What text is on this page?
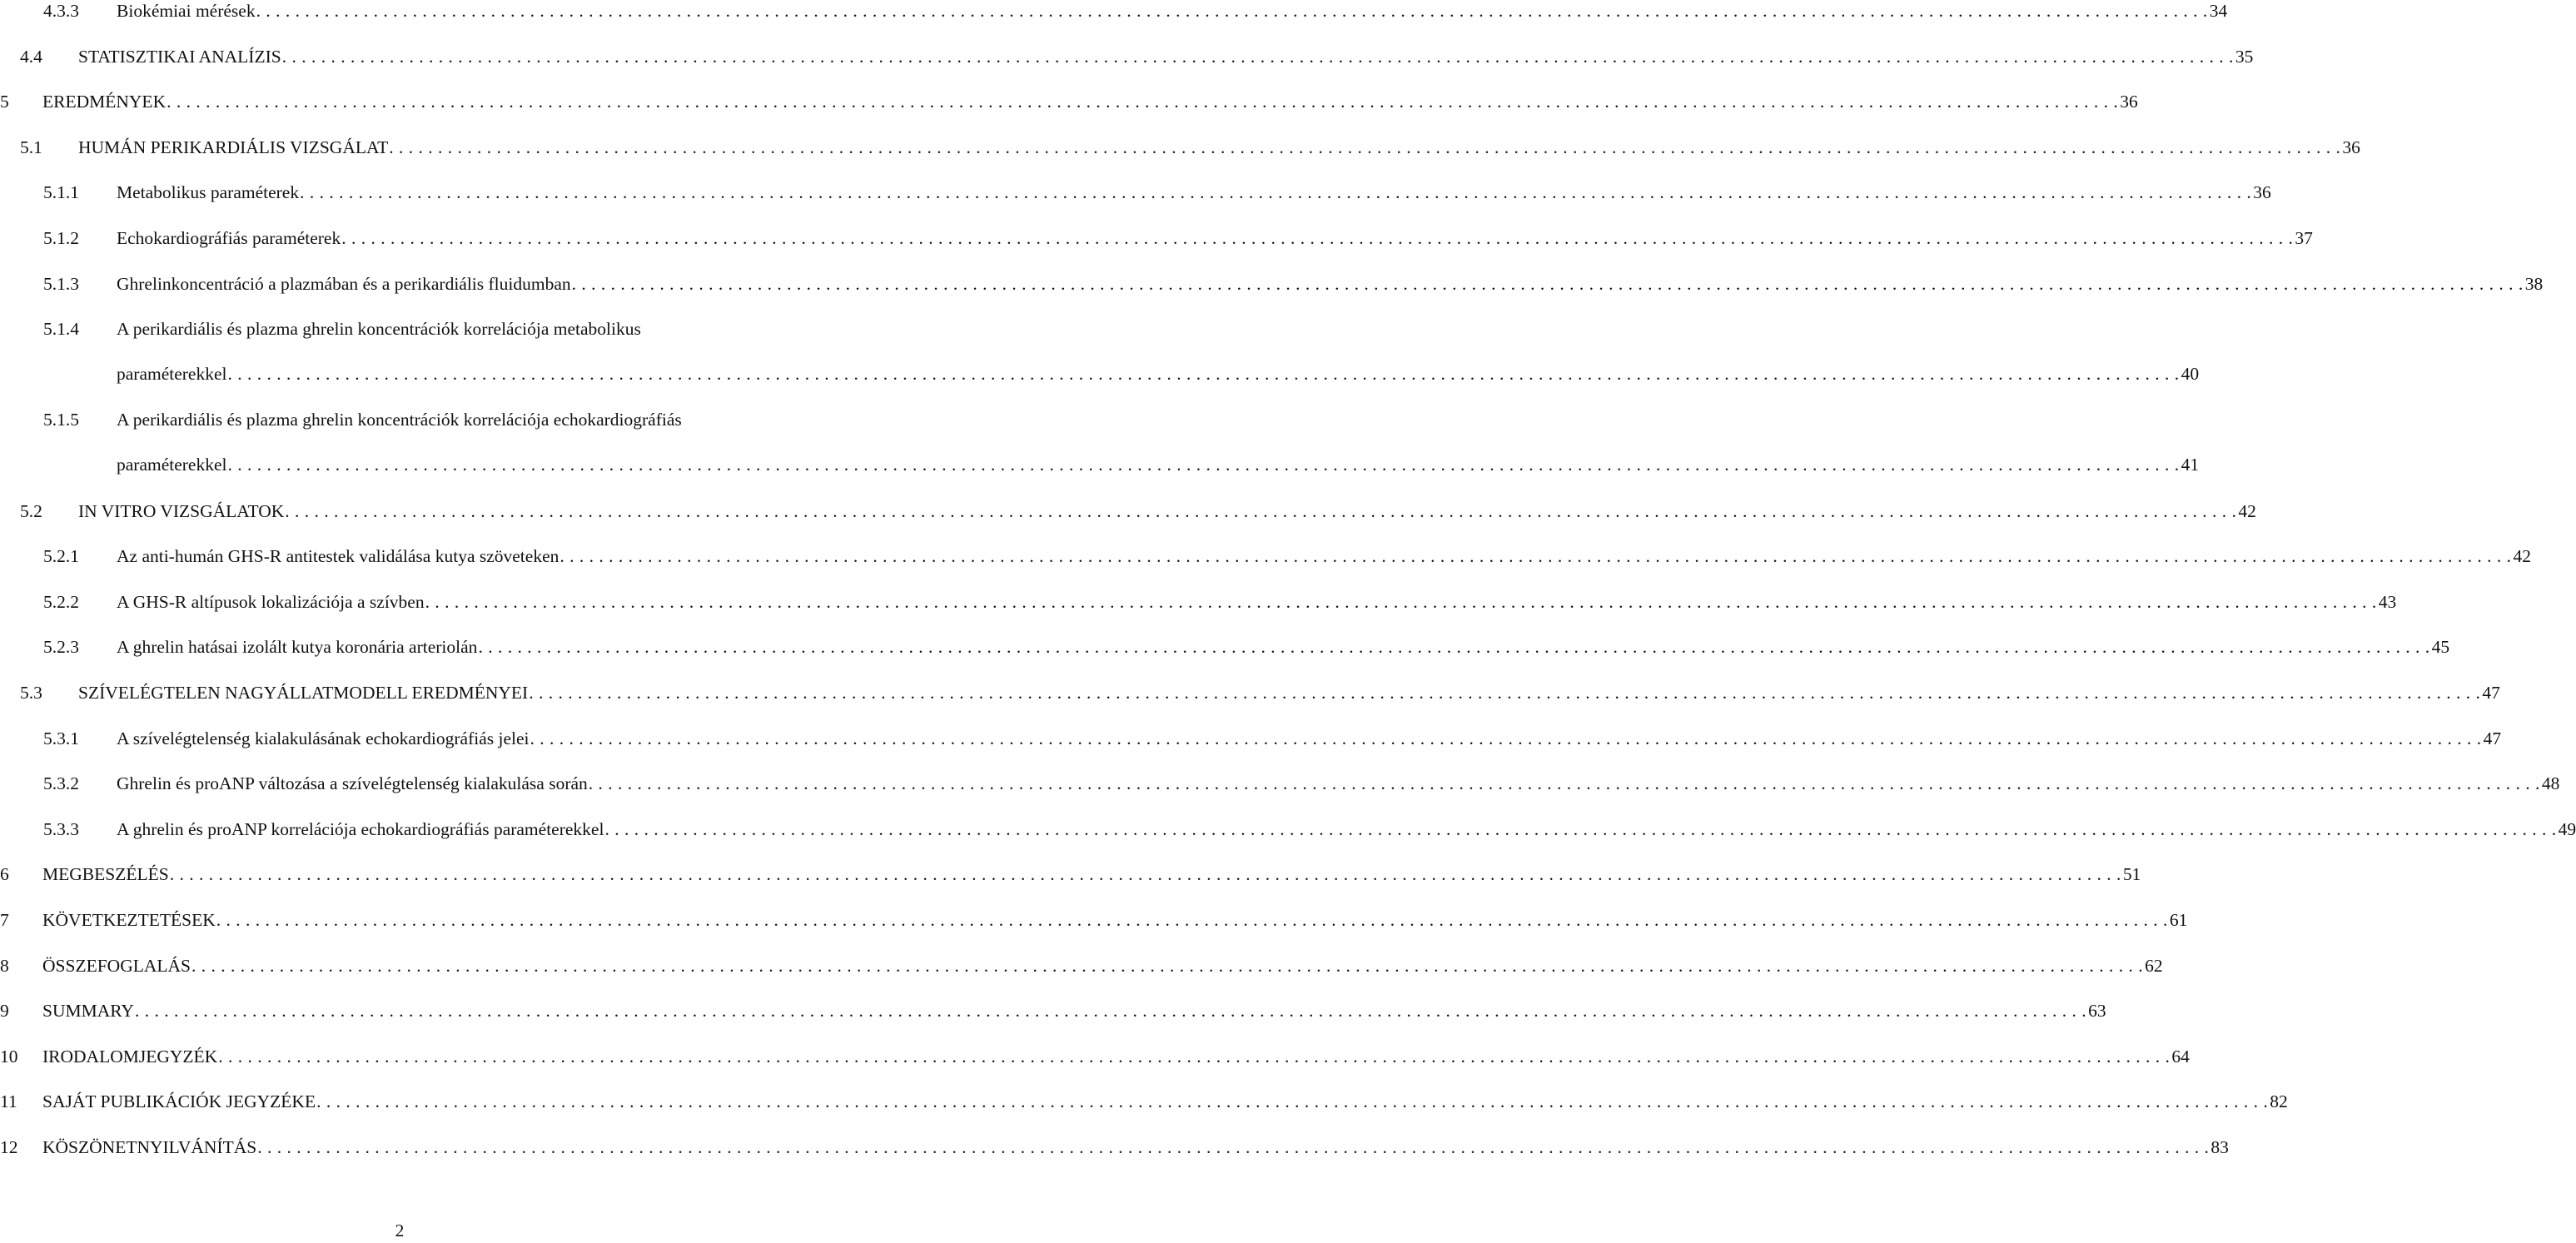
4.3.3 Biokémiai mérések . . . . . . . . . . . . . . . . . . . . . . . . . . . . . . . . . . . . . . . . . . . . . . . . . . . . . . . . . . . . . . . . . . . . . . . . . . . . . . . . . . . . . . . . . . . . . . . . . . . . . . . . . . . . . . . . . . . . . . . . . . . . . . . . . . . . . . . . . . . . . . . . . . . . . . . . . . . . . . . . . . . . . . . . . . . . . . . . . . . . . . . . . . . . . . . . . . . . . . . . 34
4.4 STATISZTIKAI ANALÍZIS . . . . . . . . . . . . . . . . . . . . . . . . . . . . . . . . . . . . . . . . . . . . . . . . . . . . . . . . . . . . . . . . . . . . . . . . . . . . . . . . . . . . . . . . . . . . . . . . . . . . . . . . . . . . . . . . . . . . . . . . . . . . . . . . . . . . . . . . . . . . . . . . . . . . . . . . . . . . . . . . . . . . . . . . . . . . . . . . . . . . . . . . . . . . . . . . . . . . . . . . 35
5 EREDMÉNYEK . . . . . . . . . . . . . . . . . . . . . . . . . . . . . . . . . . . . . . . . . . . . . . . . . . . . . . . . . . . . . . . . . . . . . . . . . . . . . . . . . . . . . . . . . . . . . . . . . . . . . . . . . . . . . . . . . . . . . . . . . . . . . . . . . . . . . . . . . . . . . . . . . . . . . . . . . . . . . . . . . . . . . . . . . . . . . . . . . . . . . . . . . . . . . . . . . . . . . . . . 36
5.1 HUMÁN PERIKARDIÁLIS VIZSGÁLAT . . . . . . . . . . . . . . . . . . . . . . . . . . . . . . . . . . . . . . . . . . . . . . . . . . . . . . . . . . . . . . . . . . . . . . . . . . . . . . . . . . . . . . . . . . . . . . . . . . . . . . . . . . . . . . . . . . . . . . . . . . . . . . . . . . . . . . . . . . . . . . . . . . . . . . . . . . . . . . . . . . . . . . . . . . . . . . . . . . . . . . . . . . . . . . . . . . . . . . . . 36
5.1.1 Metabolikus paraméterek . . . . . . . . . . . . . . . . . . . . . . . . . . . . . . . . . . . . . . . . . . . . . . . . . . . . . . . . . . . . . . . . . . . . . . . . . . . . . . . . . . . . . . . . . . . . . . . . . . . . . . . . . . . . . . . . . . . . . . . . . . . . . . . . . . . . . . . . . . . . . . . . . . . . . . . . . . . . . . . . . . . . . . . . . . . . . . . . . . . . . . . . . . . . . . . . . . . . . . . . 36
5.1.2 Echokardiográfiás paraméterek . . . . . . . . . . . . . . . . . . . . . . . . . . . . . . . . . . . . . . . . . . . . . . . . . . . . . . . . . . . . . . . . . . . . . . . . . . . . . . . . . . . . . . . . . . . . . . . . . . . . . . . . . . . . . . . . . . . . . . . . . . . . . . . . . . . . . . . . . . . . . . . . . . . . . . . . . . . . . . . . . . . . . . . . . . . . . . . . . . . . . . . . . . . . . . . . . . . . . . . . 37
5.1.3 Ghrelinkoncentráció a plazmában és a perikardiális fluidumban . . . . . . . . . . . . . . . . . . . . . . . . . . . . . . . . . . . . . . . . . . . . . . . . . . . . . . . . . . . . . . . . . . . . . . . . . . . . . . . . . . . . . . . . . . . . . . . . . . . . . . . . . . . . . . . . . . . . . . . . . . . . . . . . . . . . . . . . . . . . . . . . . . . . . . . . . . . . . . . . . . . . . . . . . . . . . . . . . . . . . . . . . . . . . . . . . . . . . . . . 38
5.1.4 A perikardiális és plazma ghrelin koncentrációk korrelációja metabolikus
paraméterekkel . . . . . . . . . . . . . . . . . . . . . . . . . . . . . . . . . . . . . . . . . . . . . . . . . . . . . . . . . . . . . . . . . . . . . . . . . . . . . . . . . . . . . . . . . . . . . . . . . . . . . . . . . . . . . . . . . . . . . . . . . . . . . . . . . . . . . . . . . . . . . . . . . . . . . . . . . . . . . . . . . . . . . . . . . . . . . . . . . . . . . . . . . . . . . . . . . . . . . . . . 40
5.1.5 A perikardiális és plazma ghrelin koncentrációk korrelációja echokardiográfiás
paraméterekkel . . . . . . . . . . . . . . . . . . . . . . . . . . . . . . . . . . . . . . . . . . . . . . . . . . . . . . . . . . . . . . . . . . . . . . . . . . . . . . . . . . . . . . . . . . . . . . . . . . . . . . . . . . . . . . . . . . . . . . . . . . . . . . . . . . . . . . . . . . . . . . . . . . . . . . . . . . . . . . . . . . . . . . . . . . . . . . . . . . . . . . . . . . . . . . . . . . . . . . . . 41
5.2 IN VITRO VIZSGÁLATOK . . . . . . . . . . . . . . . . . . . . . . . . . . . . . . . . . . . . . . . . . . . . . . . . . . . . . . . . . . . . . . . . . . . . . . . . . . . . . . . . . . . . . . . . . . . . . . . . . . . . . . . . . . . . . . . . . . . . . . . . . . . . . . . . . . . . . . . . . . . . . . . . . . . . . . . . . . . . . . . . . . . . . . . . . . . . . . . . . . . . . . . . . . . . . . . . . . . . . . . . 42
5.2.1 Az anti-humán GHS-R antitestek validálása kutya szöveteken . . . . . . . . . . . . . . . . . . . . . . . . . . . . . . . . . . . . . . . . . . . . . . . . . . . . . . . . . . . . . . . . . . . . . . . . . . . . . . . . . . . . . . . . . . . . . . . . . . . . . . . . . . . . . . . . . . . . . . . . . . . . . . . . . . . . . . . . . . . . . . . . . . . . . . . . . . . . . . . . . . . . . . . . . . . . . . . . . . . . . . . . . . . . . . . . . . . . . . . . 42
5.2.2 A GHS-R altípusok lokalizációja a szívben . . . . . . . . . . . . . . . . . . . . . . . . . . . . . . . . . . . . . . . . . . . . . . . . . . . . . . . . . . . . . . . . . . . . . . . . . . . . . . . . . . . . . . . . . . . . . . . . . . . . . . . . . . . . . . . . . . . . . . . . . . . . . . . . . . . . . . . . . . . . . . . . . . . . . . . . . . . . . . . . . . . . . . . . . . . . . . . . . . . . . . . . . . . . . . . . . . . . . . . . 43
5.2.3 A ghrelin hatásai izolált kutya koronária arteriolán . . . . . . . . . . . . . . . . . . . . . . . . . . . . . . . . . . . . . . . . . . . . . . . . . . . . . . . . . . . . . . . . . . . . . . . . . . . . . . . . . . . . . . . . . . . . . . . . . . . . . . . . . . . . . . . . . . . . . . . . . . . . . . . . . . . . . . . . . . . . . . . . . . . . . . . . . . . . . . . . . . . . . . . . . . . . . . . . . . . . . . . . . . . . . . . . . . . . . . . . 45
5.3 SZÍVELÉGTELEN NAGYÁLLATMODELL EREDMÉNYEI . . . . . . . . . . . . . . . . . . . . . . . . . . . . . . . . . . . . . . . . . . . . . . . . . . . . . . . . . . . . . . . . . . . . . . . . . . . . . . . . . . . . . . . . . . . . . . . . . . . . . . . . . . . . . . . . . . . . . . . . . . . . . . . . . . . . . . . . . . . . . . . . . . . . . . . . . . . . . . . . . . . . . . . . . . . . . . . . . . . . . . . . . . . . . . . . . . . . . . . . 47
5.3.1 A szívelégtelenség kialakulásának echokardiográfiás jelei . . . . . . . . . . . . . . . . . . . . . . . . . . . . . . . . . . . . . . . . . . . . . . . . . . . . . . . . . . . . . . . . . . . . . . . . . . . . . . . . . . . . . . . . . . . . . . . . . . . . . . . . . . . . . . . . . . . . . . . . . . . . . . . . . . . . . . . . . . . . . . . . . . . . . . . . . . . . . . . . . . . . . . . . . . . . . . . . . . . . . . . . . . . . . . . . . . . . . . . . 47
5.3.2 Ghrelin és proANP változása a szívelégtelenség kialakulása során . . . . . . . . . . . . . . . . . . . . . . . . . . . . . . . . . . . . . . . . . . . . . . . . . . . . . . . . . . . . . . . . . . . . . . . . . . . . . . . . . . . . . . . . . . . . . . . . . . . . . . . . . . . . . . . . . . . . . . . . . . . . . . . . . . . . . . . . . . . . . . . . . . . . . . . . . . . . . . . . . . . . . . . . . . . . . . . . . . . . . . . . . . . . . . . . . . . . . . . . 48
5.3.3 A ghrelin és proANP korrelációja echokardiográfiás paraméterekkel . . . . . . . . . . . . . . . . . . . . . . . . . . . . . . . . . . . . . . . . . . . . . . . . . . . . . . . . . . . . . . . . . . . . . . . . . . . . . . . . . . . . . . . . . . . . . . . . . . . . . . . . . . . . . . . . . . . . . . . . . . . . . . . . . . . . . . . . . . . . . . . . . . . . . . . . . . . . . . . . . . . . . . . . . . . . . . . . . . . . . . . . . . . . . . . . . . . . . . . . 49
6 MEGBESZÉLÉS . . . . . . . . . . . . . . . . . . . . . . . . . . . . . . . . . . . . . . . . . . . . . . . . . . . . . . . . . . . . . . . . . . . . . . . . . . . . . . . . . . . . . . . . . . . . . . . . . . . . . . . . . . . . . . . . . . . . . . . . . . . . . . . . . . . . . . . . . . . . . . . . . . . . . . . . . . . . . . . . . . . . . . . . . . . . . . . . . . . . . . . . . . . . . . . . . . . . . . . . 51
7 KÖVETKEZTETÉSEK . . . . . . . . . . . . . . . . . . . . . . . . . . . . . . . . . . . . . . . . . . . . . . . . . . . . . . . . . . . . . . . . . . . . . . . . . . . . . . . . . . . . . . . . . . . . . . . . . . . . . . . . . . . . . . . . . . . . . . . . . . . . . . . . . . . . . . . . . . . . . . . . . . . . . . . . . . . . . . . . . . . . . . . . . . . . . . . . . . . . . . . . . . . . . . . . . . . . . . . . 61
8 ÖSSZEFOGLALÁS . . . . . . . . . . . . . . . . . . . . . . . . . . . . . . . . . . . . . . . . . . . . . . . . . . . . . . . . . . . . . . . . . . . . . . . . . . . . . . . . . . . . . . . . . . . . . . . . . . . . . . . . . . . . . . . . . . . . . . . . . . . . . . . . . . . . . . . . . . . . . . . . . . . . . . . . . . . . . . . . . . . . . . . . . . . . . . . . . . . . . . . . . . . . . . . . . . . . . . . . 62
9 SUMMARY . . . . . . . . . . . . . . . . . . . . . . . . . . . . . . . . . . . . . . . . . . . . . . . . . . . . . . . . . . . . . . . . . . . . . . . . . . . . . . . . . . . . . . . . . . . . . . . . . . . . . . . . . . . . . . . . . . . . . . . . . . . . . . . . . . . . . . . . . . . . . . . . . . . . . . . . . . . . . . . . . . . . . . . . . . . . . . . . . . . . . . . . . . . . . . . . . . . . . . . . 63
10 IRODALOMJEGYZÉK . . . . . . . . . . . . . . . . . . . . . . . . . . . . . . . . . . . . . . . . . . . . . . . . . . . . . . . . . . . . . . . . . . . . . . . . . . . . . . . . . . . . . . . . . . . . . . . . . . . . . . . . . . . . . . . . . . . . . . . . . . . . . . . . . . . . . . . . . . . . . . . . . . . . . . . . . . . . . . . . . . . . . . . . . . . . . . . . . . . . . . . . . . . . . . . . . . . . . . . . 64
11 SAJÁT PUBLIKÁCIÓK JEGYZÉKE . . . . . . . . . . . . . . . . . . . . . . . . . . . . . . . . . . . . . . . . . . . . . . . . . . . . . . . . . . . . . . . . . . . . . . . . . . . . . . . . . . . . . . . . . . . . . . . . . . . . . . . . . . . . . . . . . . . . . . . . . . . . . . . . . . . . . . . . . . . . . . . . . . . . . . . . . . . . . . . . . . . . . . . . . . . . . . . . . . . . . . . . . . . . . . . . . . . . . . . . 82
12 KÖSZÖNETNYILVÁNÍTÁS . . . . . . . . . . . . . . . . . . . . . . . . . . . . . . . . . . . . . . . . . . . . . . . . . . . . . . . . . . . . . . . . . . . . . . . . . . . . . . . . . . . . . . . . . . . . . . . . . . . . . . . . . . . . . . . . . . . . . . . . . . . . . . . . . . . . . . . . . . . . . . . . . . . . . . . . . . . . . . . . . . . . . . . . . . . . . . . . . . . . . . . . . . . . . . . . . . . . . . . . 83
2
